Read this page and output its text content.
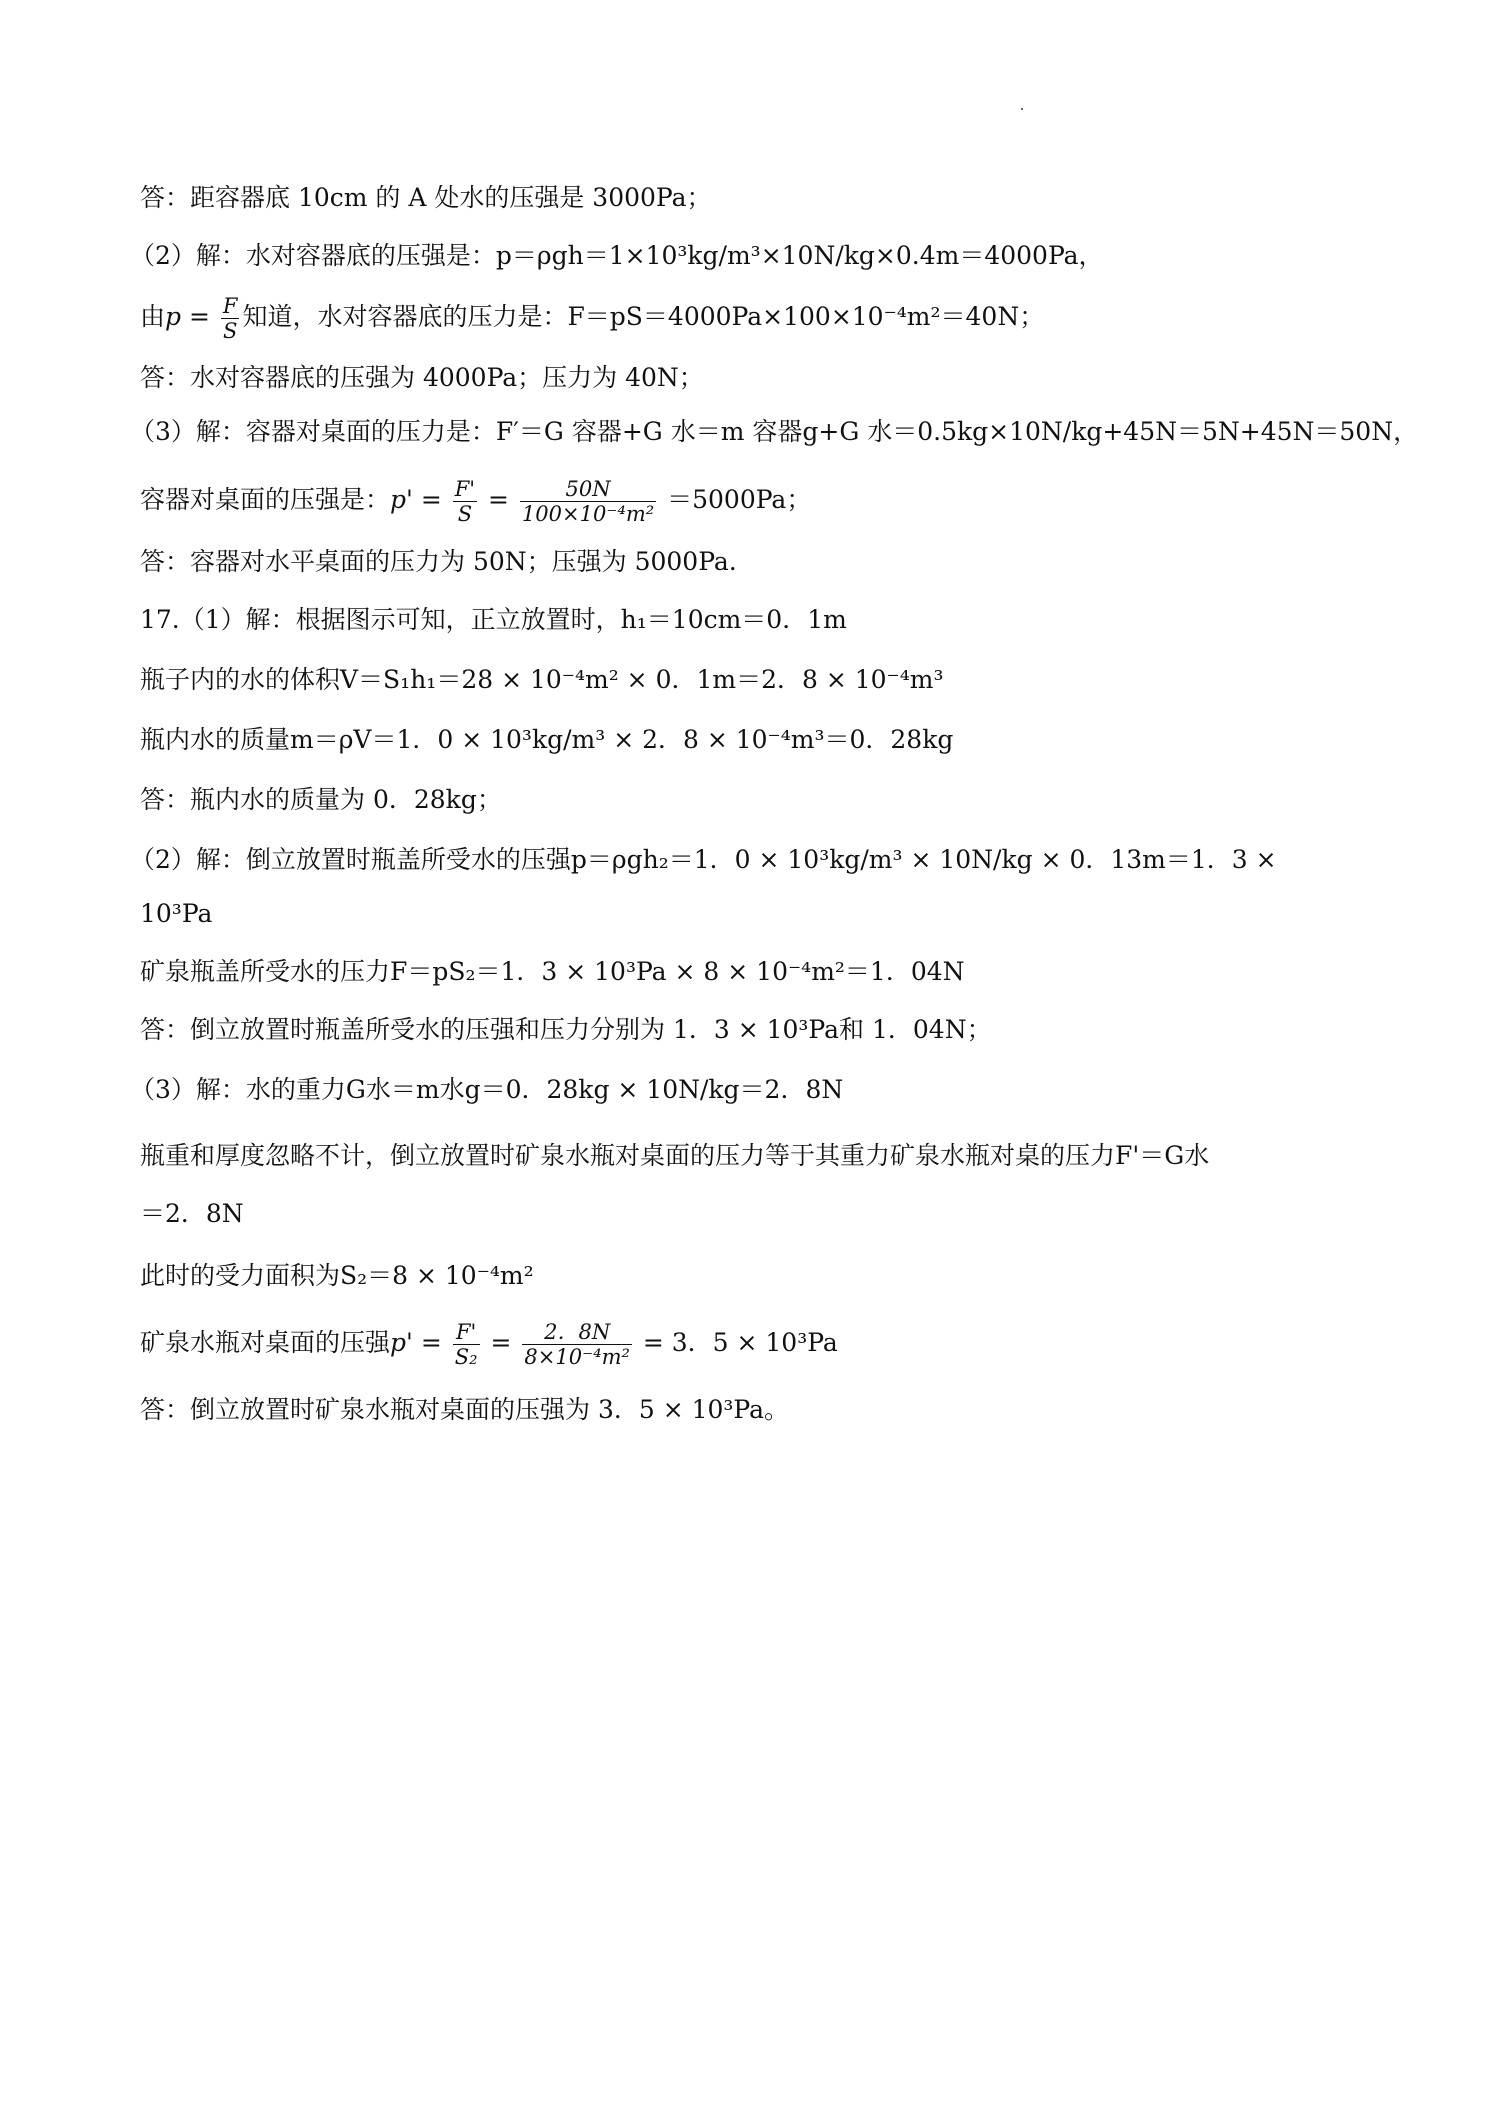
答：距容器底 10cm 的 A 处水的压强是 3000Pa；
（2）解：水对容器底的压强是：p＝ρgh＝1×10³kg/m³×10N/kg×0.4m＝4000Pa，
由$p = \frac{F}{S}$ 知道，水对容器底的压力是：F＝pS＝4000Pa×100×10⁻⁴m²＝40N；
答：水对容器底的压强为 4000Pa；压力为 40N；
（3）解：容器对桌面的压力是：F′＝G 容器+G 水＝m 容器g+G 水＝0.5kg×10N/kg+45N＝5N+45N＝50N，
容器对桌面的压强是：$p' = \frac{F'}{S} = \frac{50N}{\text{100×10⁻⁴m²}} =5000Pa$；
答：容器对水平桌面的压力为 50N；压强为 5000Pa.
17.（1）解：根据图示可知，正立放置时，h₁＝10cm＝0．1m
瓶子内的水的体积V＝S₁h₁＝28 × 10⁻⁴m² × 0．1m＝2．8 × 10⁻⁴m³
瓶内水的质量m＝ρV＝1．0 × 10³kg/m³ × 2．8 × 10⁻⁴m³＝0．28kg
答：瓶内水的质量为 0．28kg；
（2）解：倒立放置时瓶盖所受水的压强p＝ρgh₂＝1．0 × 10³kg/m³ × 10N/kg × 0．13m＝1．3 ×
10³Pa
矿泉瓶盖所受水的压力F＝pS₂＝1．3 × 10³Pa × 8 × 10⁻⁴m²＝1．04N
答：倒立放置时瓶盖所受水的压强和压力分别为 1．3 × 10³Pa和 1．04N；
（3）解：水的重力G水＝m水g＝0．28kg × 10N/kg＝2．8N
瓶重和厚度忽略不计，倒立放置时矿泉水瓶对桌面的压力等于其重力矿泉水瓶对桌的压力F'＝G水
＝2．8N
此时的受力面积为S₂＝8 × 10⁻⁴m²
矿泉水瓶对桌面的压强$p' = \frac{F'}{\text{S₂}} = \frac{2.8N}{\text{8×10⁻⁴m²}} = 3$．5 × 10³Pa
答：倒立放置时矿泉水瓶对桌面的压强为 3．5 × 10³Pa。
